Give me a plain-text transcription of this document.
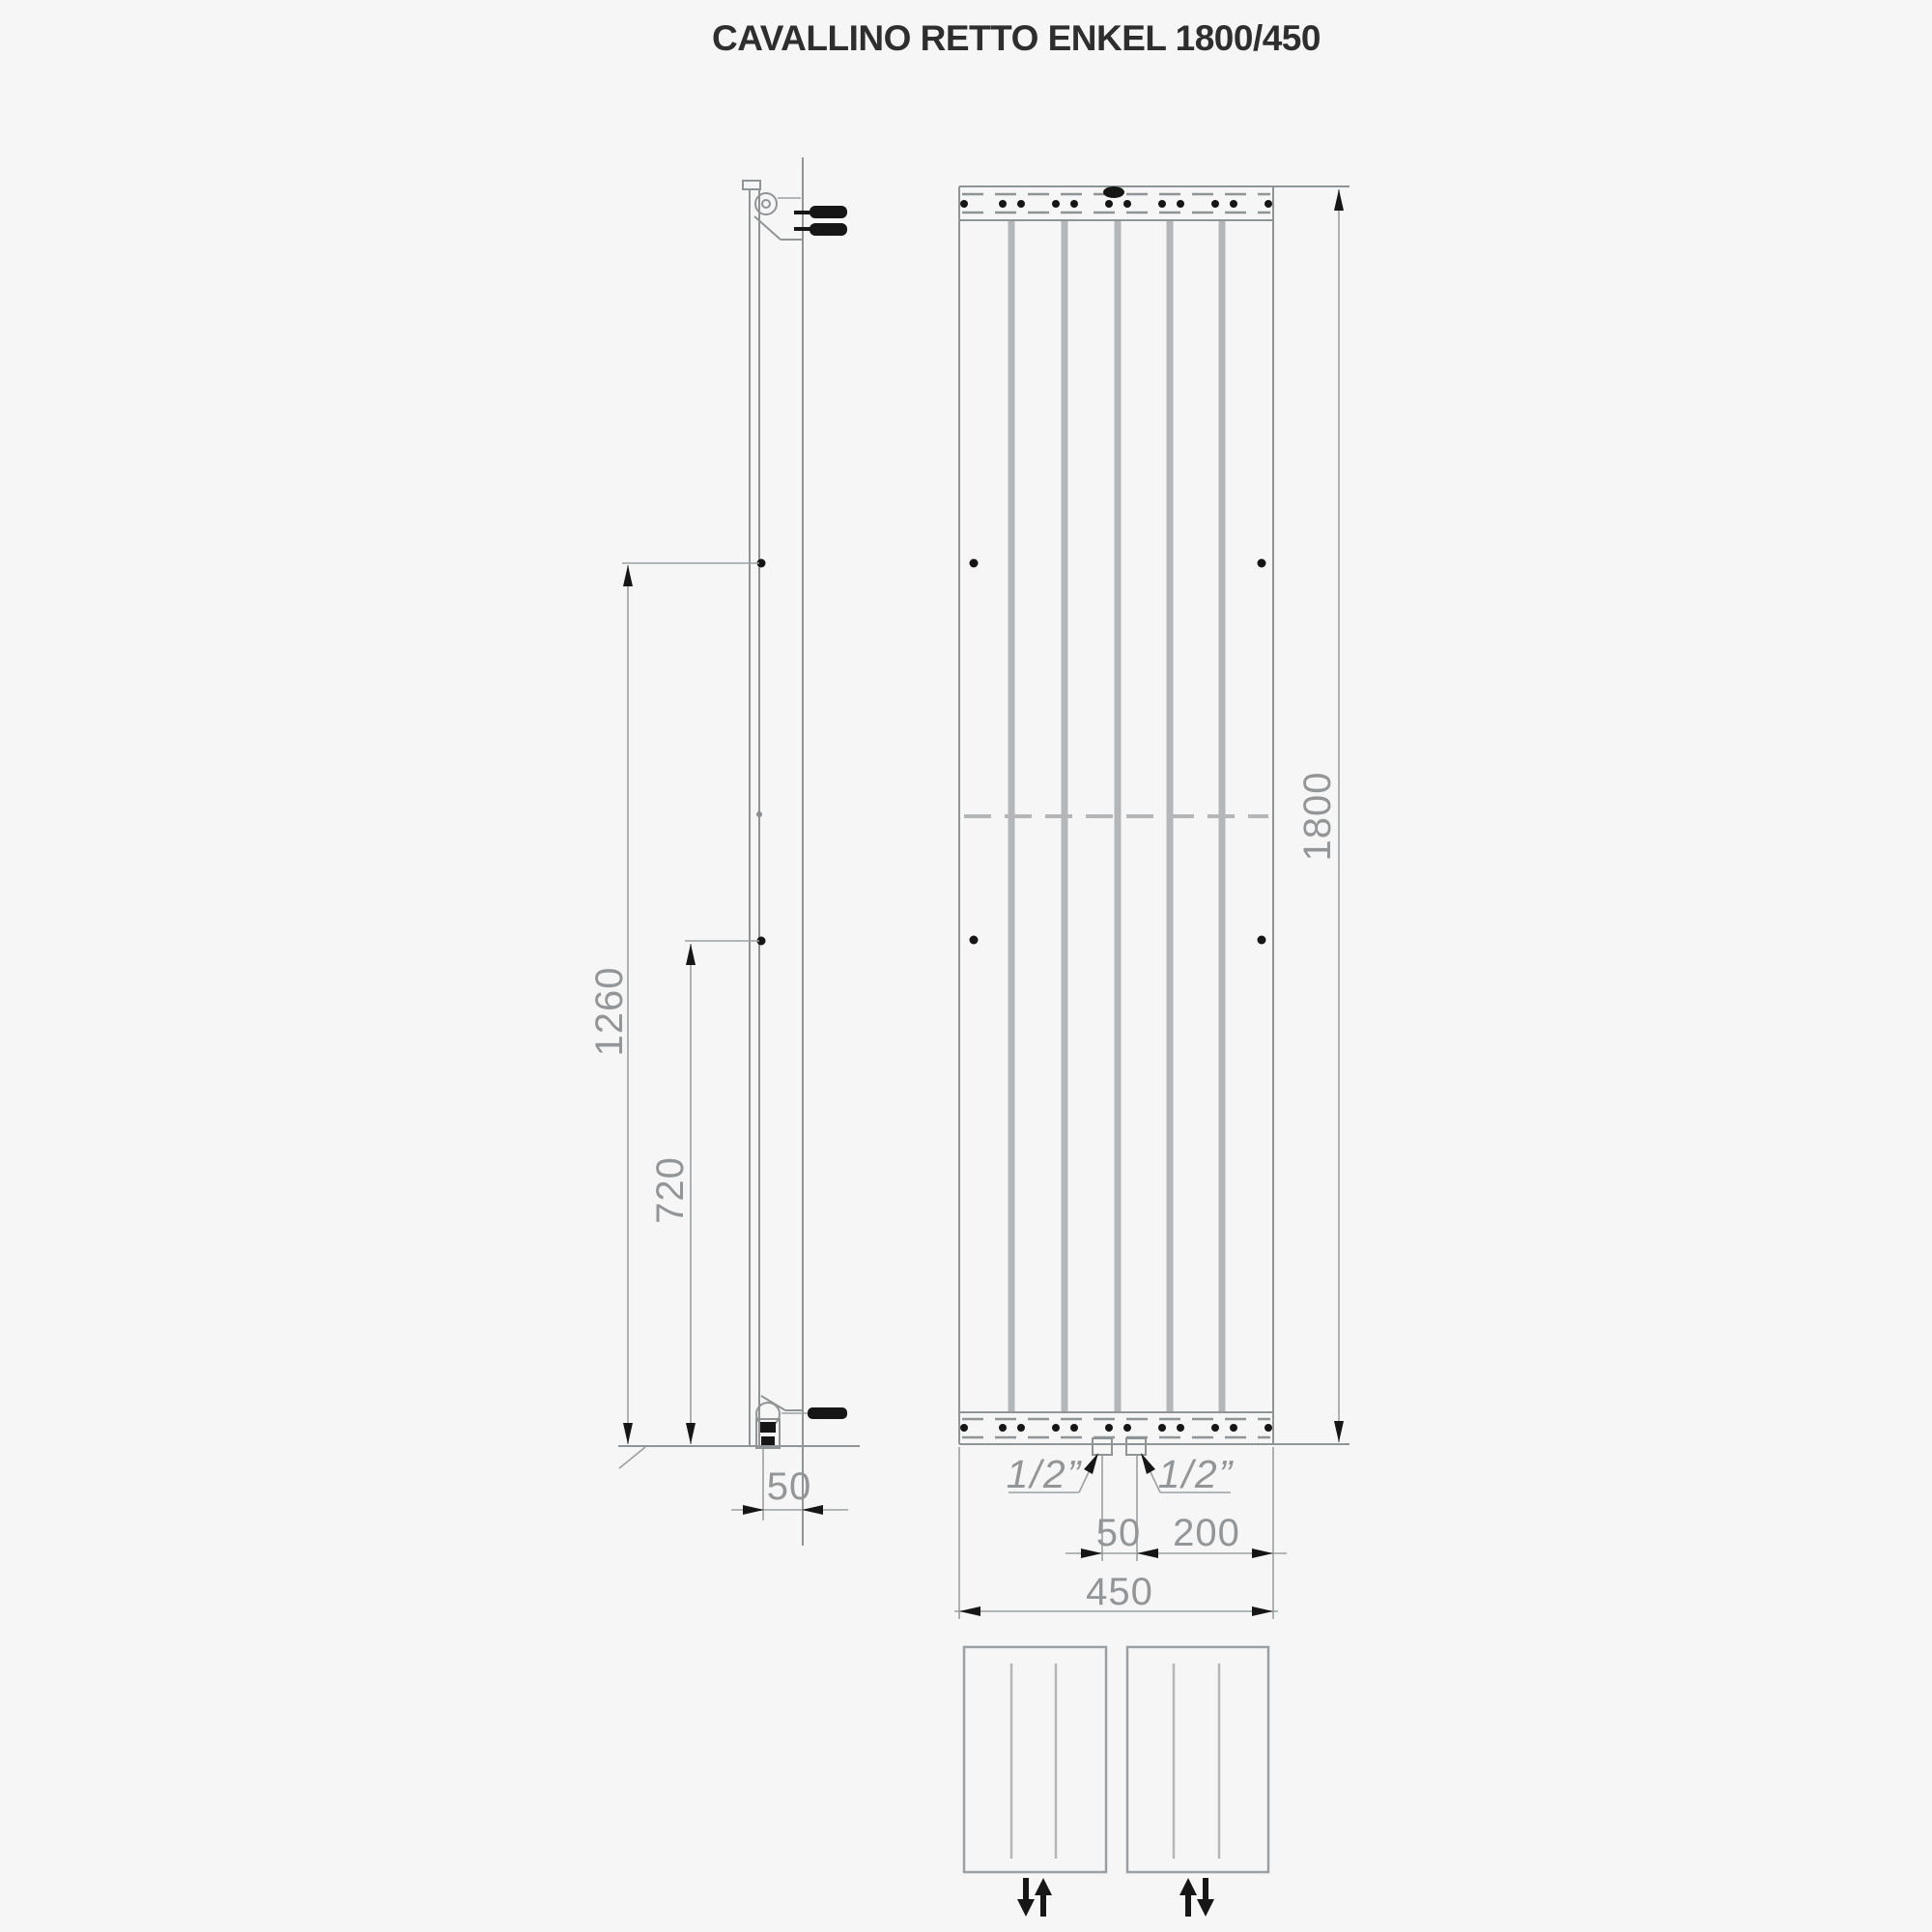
CAVALLINO RETTO ENKEL 1800/450
1260
720
50
1800
1/2” 1/2”
50 200
450
